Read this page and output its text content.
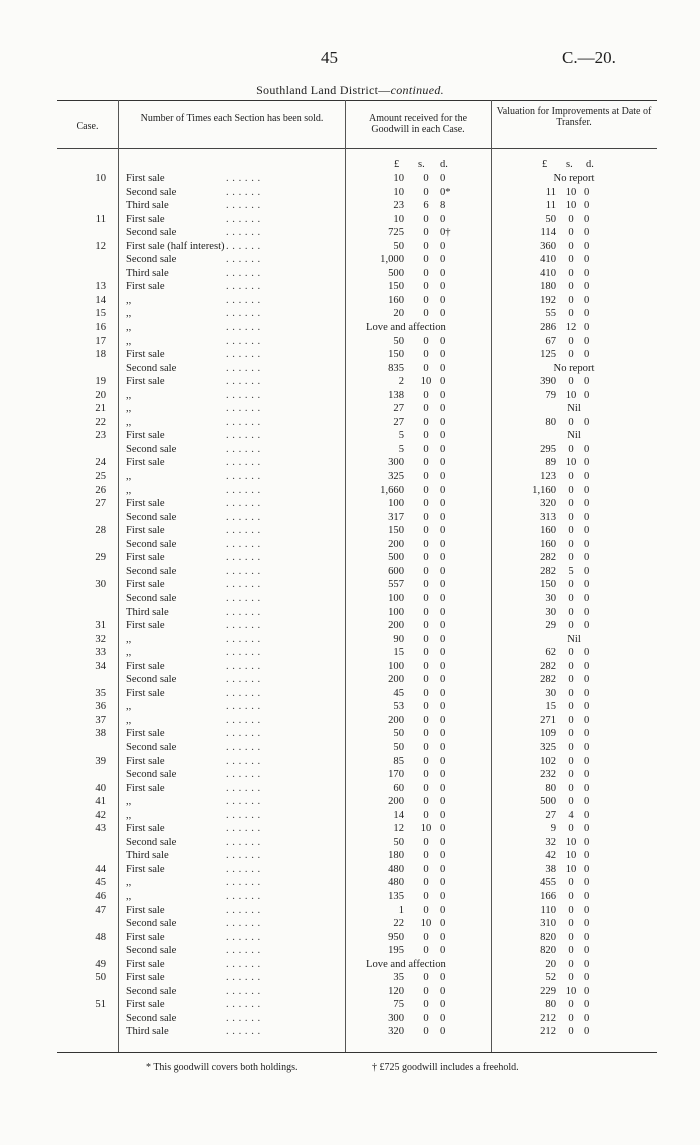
45	C.—20.
Southland Land District—continued.
Case.
Number of Times each Section has been sold.	Amount received for the Goodwill in each Case.
Valuation for Improvements at Date of Transfer.
£ s. d.	£ s. d.
10 First sale	. . . . . .	10	0	0	No report
Second sale	. . . . . .	10	0	0*	11 10 0
Third sale	. . . . . .	23	6	8	11 10 0
11 First sale	. . . . . .	10	0	0	50	0 0
Second sale	. . . . . .	725	0	0†	114	0 0
12 First sale (half interest) . . . . . .	50	0	0	360	0 0
Second sale	. . . . . .	1,000	0	0	410	0 0
Third sale	. . . . . .	500	0	0	410	0 0
13 First sale	. . . . . .	150	0	0	180	0 0
14 ,,	. . . . . .	160	0	0	192	0 0
15 ,,	. . . . . .	20	0	0	55	0 0
16 ,,	. . . . . .	Love and affection	286 12 0
17 ,,	. . . . . .	50	0	0	67	0 0
18 First sale	. . . . . .	150	0	0	125	0 0
Second sale	. . . . . .	835	0	0	No report
19 First sale	. . . . . .	2	10 0	390	0 0
20 ,,	. . . . . .	138	0	0	79 10 0
21 ,,	. . . . . .	27	0	0	Nil
22 ,,	. . . . . .	27	0	0	80	0 0
23 First sale	. . . . . .	5	0	0	Nil
Second sale	. . . . . .	5	0	0	295	0 0
24 First sale	. . . . . .	300	0	0	89 10 0
25 ,,	. . . . . .	325	0	0	123	0 0
26 ,,	. . . . . .	1,660	0	0	1,160	0 0
27 First sale	. . . . . .	100	0	0	320	0 0
Second sale	. . . . . .	317	0	0	313	0 0
28 First sale	. . . . . .	150	0	0	160	0 0
Second sale	. . . . . .	200	0	0	160	0 0
29 First sale	. . . . . .	500	0	0	282	0 0
Second sale	. . . . . .	600	0	0	282	5 0
30 First sale	. . . . . .	557	0	0	150	0 0
Second sale	. . . . . .	100	0	0	30	0 0
Third sale	. . . . . .	100	0	0	30	0 0
31 First sale	. . . . . .	200	0	0	29	0 0
32 ,,	. . . . . .	90	0	0	Nil
33 ,,	. . . . . .	15	0	0	62	0 0
34 First sale	. . . . . .	100	0	0	282	0 0
Second sale	. . . . . .	200	0	0	282	0 0
35 First sale	. . . . . .	45	0	0	30	0 0
36 ,,	. . . . . .	53	0	0	15	0 0
37 ,,	. . . . . .	200	0	0	271	0 0
38 First sale	. . . . . .	50	0	0	109	0 0
Second sale	. . . . . .	50	0	0	325	0 0
39 First sale	. . . . . .	85	0	0	102	0 0
Second sale	. . . . . .	170	0	0	232	0 0
40 First sale	. . . . . .	60	0	0	80	0 0
41 ,,	. . . . . .	200	0	0	500	0 0
42 ,,	. . . . . .	14	0	0	27	4 0
43 First sale	. . . . . .	12	10 0	9	0 0
Second sale	. . . . . .	50	0	0	32 10 0
Third sale	. . . . . .	180	0	0	42 10 0
44 First sale	. . . . . .	480	0	0	38 10 0
45 ,,	. . . . . .	480	0	0	455	0 0
46 ,,	. . . . . .	135	0	0	166	0 0
47 First sale	. . . . . .	1	0	0	110	0 0
Second sale	. . . . . .	22	10 0	310	0 0
48 First sale	. . . . . .	950	0	0	820	0 0
Second sale	. . . . . .	195	0	0	820	0 0
49 First sale	. . . . . .	Love and affection	20	0 0
50 First sale	. . . . . .	35	0	0	52	0 0
Second sale	. . . . . .	120	0	0	229 10 0
51 First sale	. . . . . .	75	0	0	80	0 0
Second sale	. . . . . .	300	0	0	212	0 0
Third sale	. . . . . .	320	0	0	212	0 0
* This goodwill covers both holdings.	† £725 goodwill includes a freehold.
